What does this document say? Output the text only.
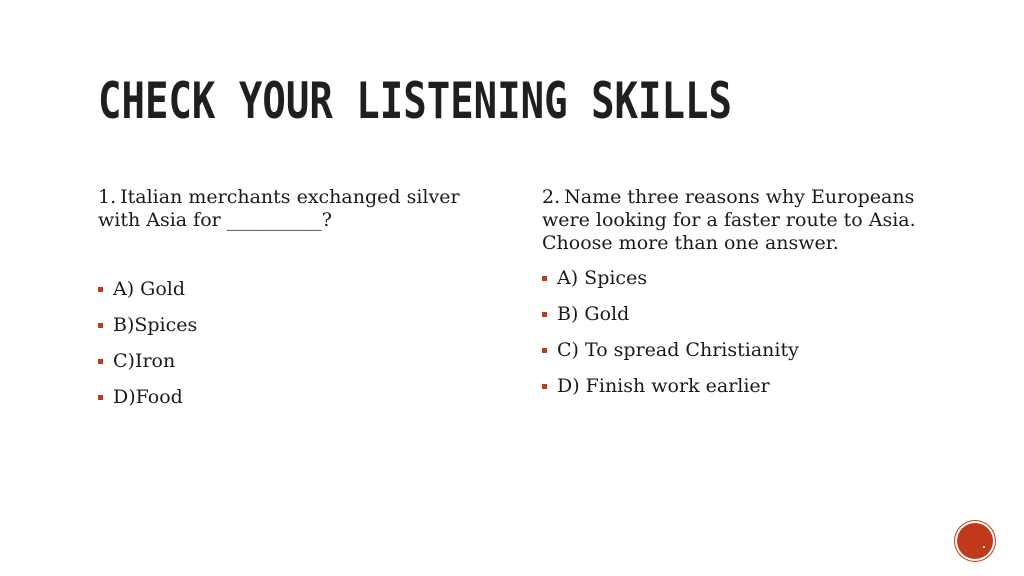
CHECK YOUR LISTENING SKILLS

1. Italian merchants exchanged silver with Asia for __________?

A) Gold
B)Spices
C)Iron
D)Food

2. Name three reasons why Europeans were looking for a faster route to Asia. Choose more than one answer.

A) Spices
B) Gold
C) To spread Christianity
D) Finish work earlier
